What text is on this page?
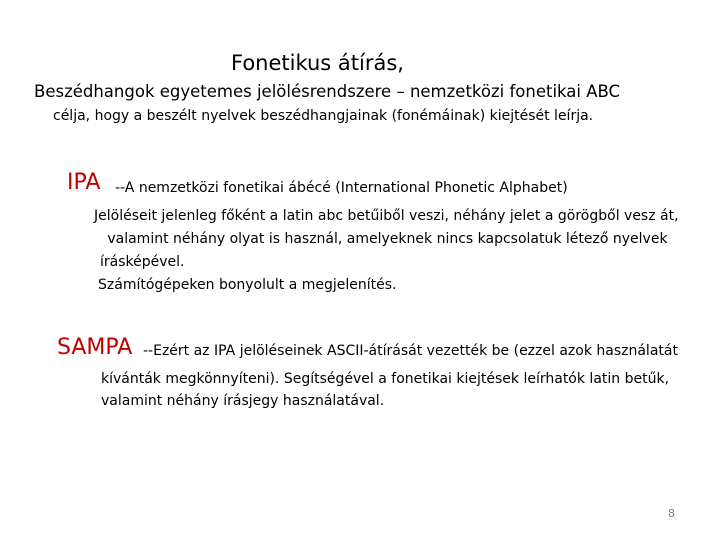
Fonetikus átírás,
Beszédhangok egyetemes jelölésrendszere – nemzetközi fonetikai ABC
célja, hogy a beszélt nyelvek beszédhangjainak (fonémáinak) kiejtését leírja.
IPA --A nemzetközi fonetikai ábécé (International Phonetic Alphabet)
Jelöléseit jelenleg főként a latin abc betűiből veszi, néhány jelet a görögből vesz át,
valamint néhány olyat is használ, amelyeknek nincs kapcsolatuk létező nyelvek
írásképével.
Számítógépeken bonyolult a megjelenítés.
SAMPA --Ezért az IPA jelöléseinek ASCII-átírását vezették be (ezzel azok használatát
kívánták megkönnyíteni). Segítségével a fonetikai kiejtések leírhatók latin betűk,
valamint néhány írásjegy használatával.
8
